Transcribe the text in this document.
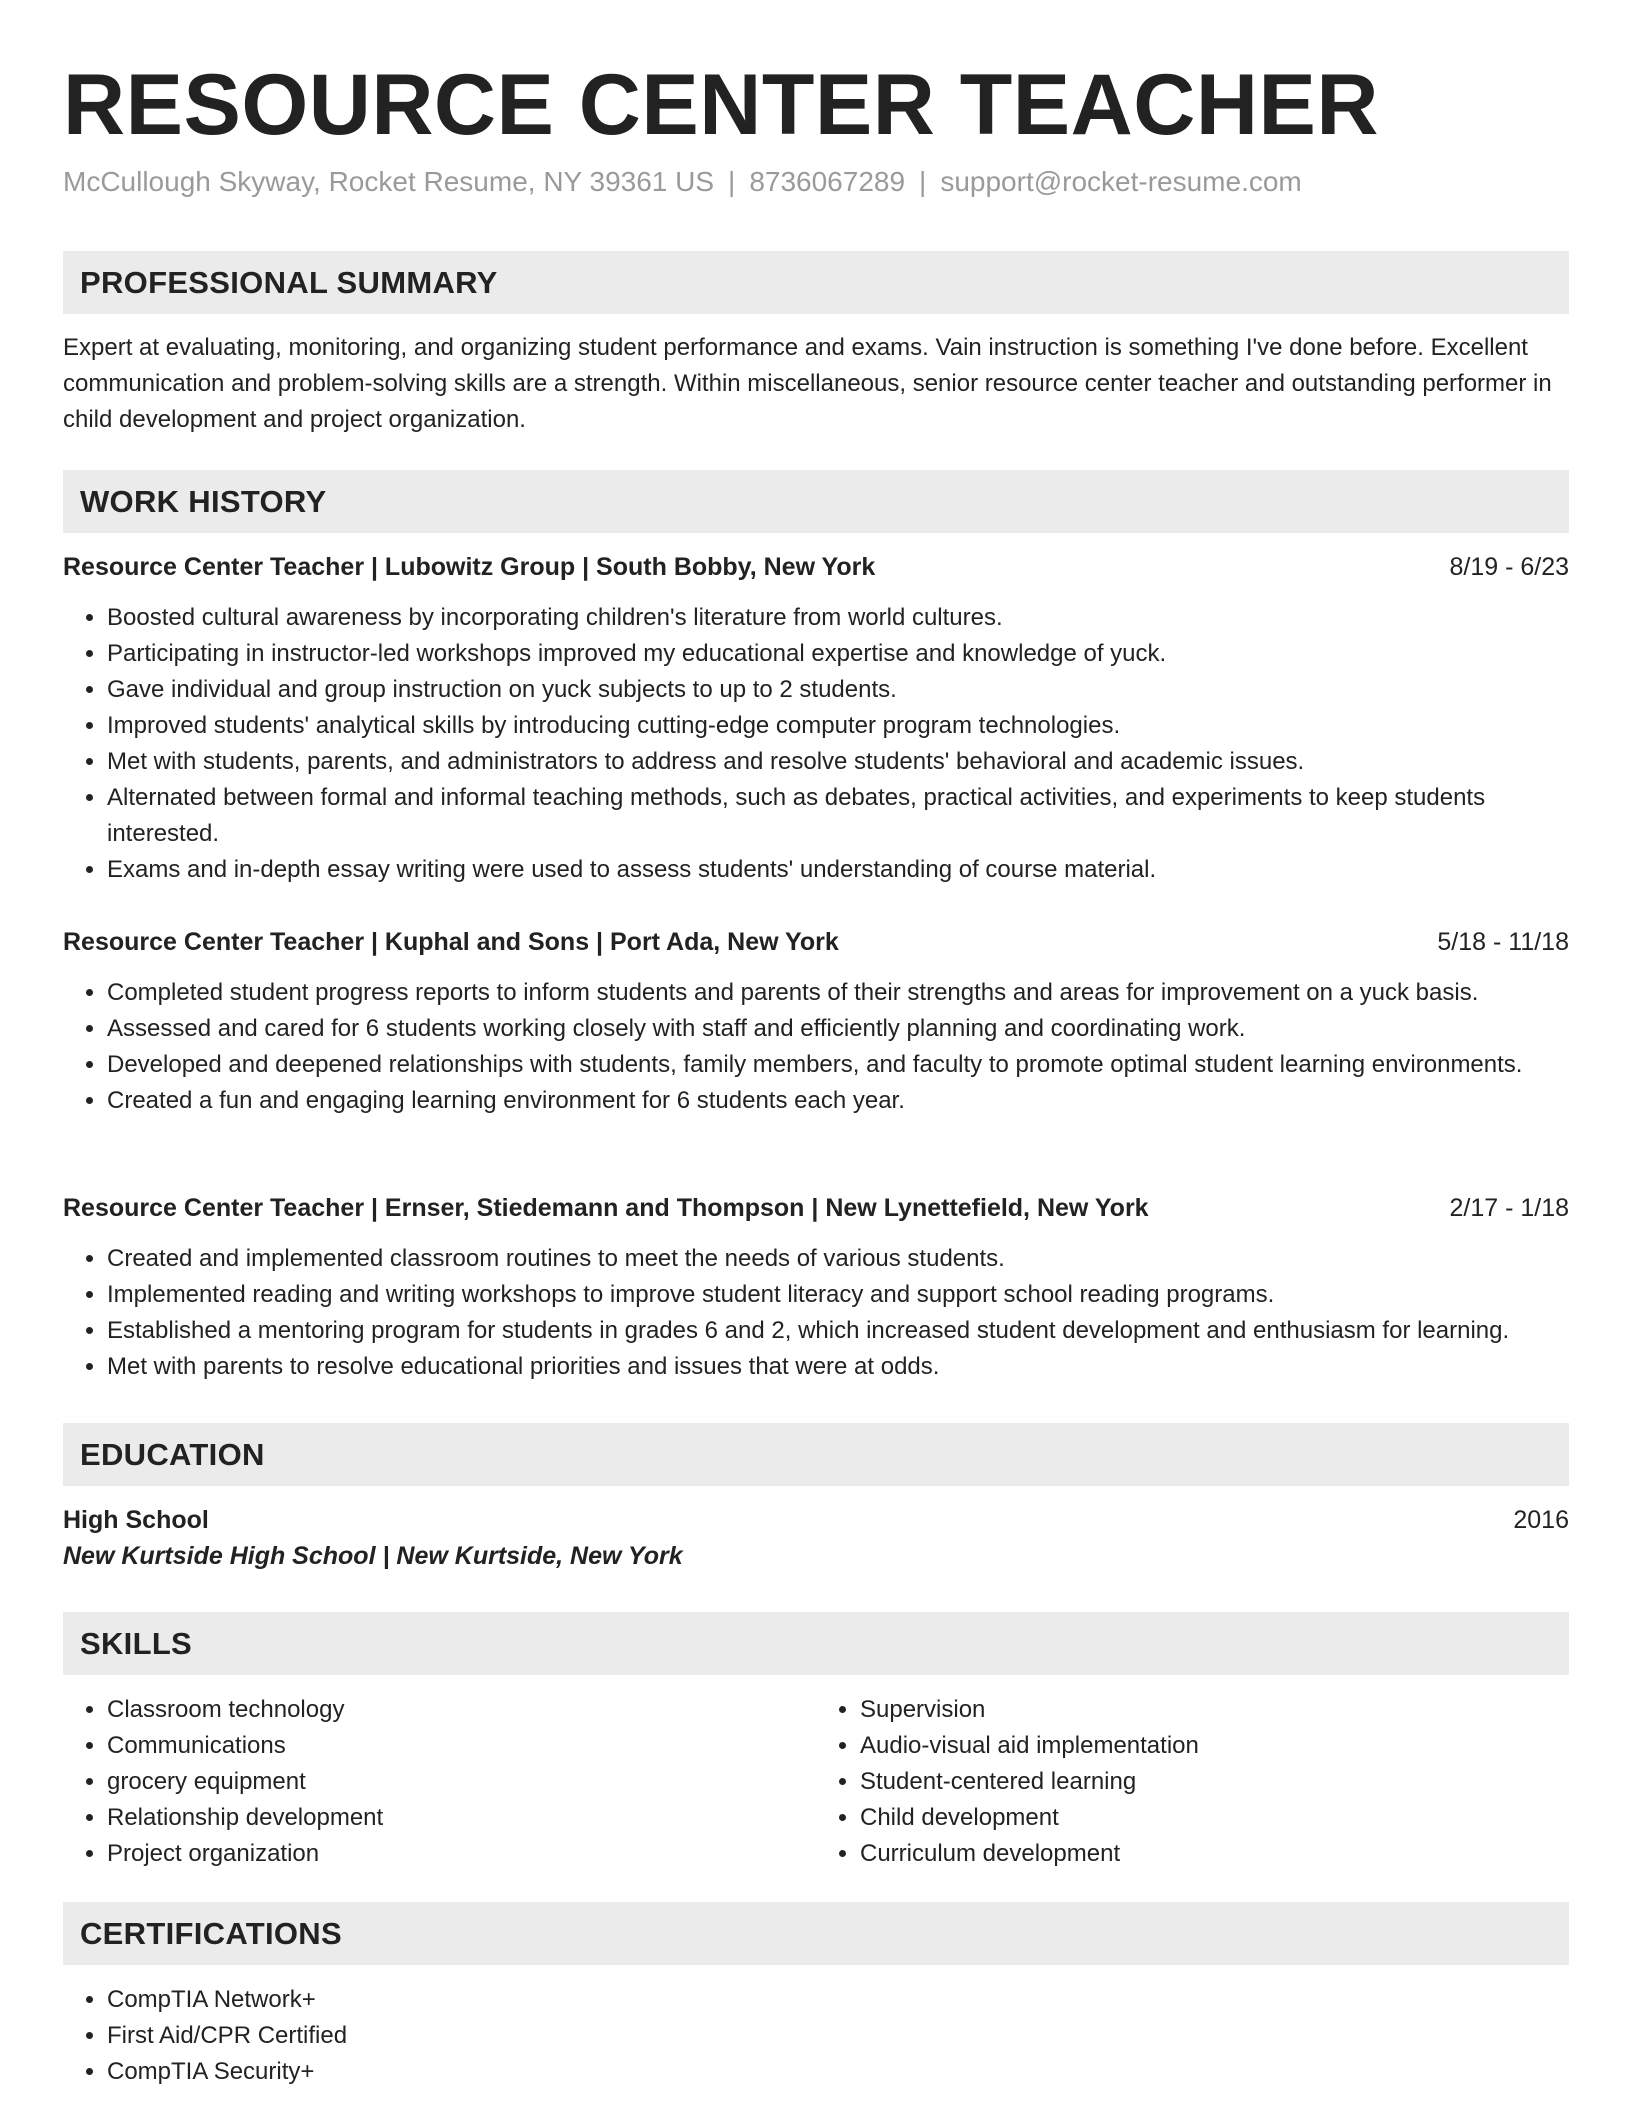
RESOURCE CENTER TEACHER
McCullough Skyway, Rocket Resume, NY 39361 US | 8736067289 | support@rocket-resume.com
PROFESSIONAL SUMMARY

Expert at evaluating, monitoring, and organizing student performance and exams. Vain instruction is something I've done before. Excellent communication and problem-solving skills are a strength. Within miscellaneous, senior resource center teacher and outstanding performer in child development and project organization.

WORK HISTORY
Resource Center Teacher | Lubowitz Group | South Bobby, New York	8/19 - 6/23
• Boosted cultural awareness by incorporating children's literature from world cultures.
• Participating in instructor-led workshops improved my educational expertise and knowledge of yuck.
• Gave individual and group instruction on yuck subjects to up to 2 students.
• Improved students' analytical skills by introducing cutting-edge computer program technologies.
• Met with students, parents, and administrators to address and resolve students' behavioral and academic issues.
• Alternated between formal and informal teaching methods, such as debates, practical activities, and experiments to keep students interested.
• Exams and in-depth essay writing were used to assess students' understanding of course material.
Resource Center Teacher | Kuphal and Sons | Port Ada, New York	5/18 - 11/18
• Completed student progress reports to inform students and parents of their strengths and areas for improvement on a yuck basis.
• Assessed and cared for 6 students working closely with staff and efficiently planning and coordinating work.
• Developed and deepened relationships with students, family members, and faculty to promote optimal student learning environments.
• Created a fun and engaging learning environment for 6 students each year.
Resource Center Teacher | Ernser, Stiedemann and Thompson | New Lynettefield, New York	2/17 - 1/18
• Created and implemented classroom routines to meet the needs of various students.
• Implemented reading and writing workshops to improve student literacy and support school reading programs.
• Established a mentoring program for students in grades 6 and 2, which increased student development and enthusiasm for learning.
• Met with parents to resolve educational priorities and issues that were at odds.
EDUCATION
High School	2016
New Kurtside High School | New Kurtside, New York
SKILLS
• Classroom technology
• Communications
• grocery equipment
• Relationship development
• Project organization
• Supervision
• Audio-visual aid implementation
• Student-centered learning
• Child development
• Curriculum development
CERTIFICATIONS
• CompTIA Network+
• First Aid/CPR Certified
• CompTIA Security+
